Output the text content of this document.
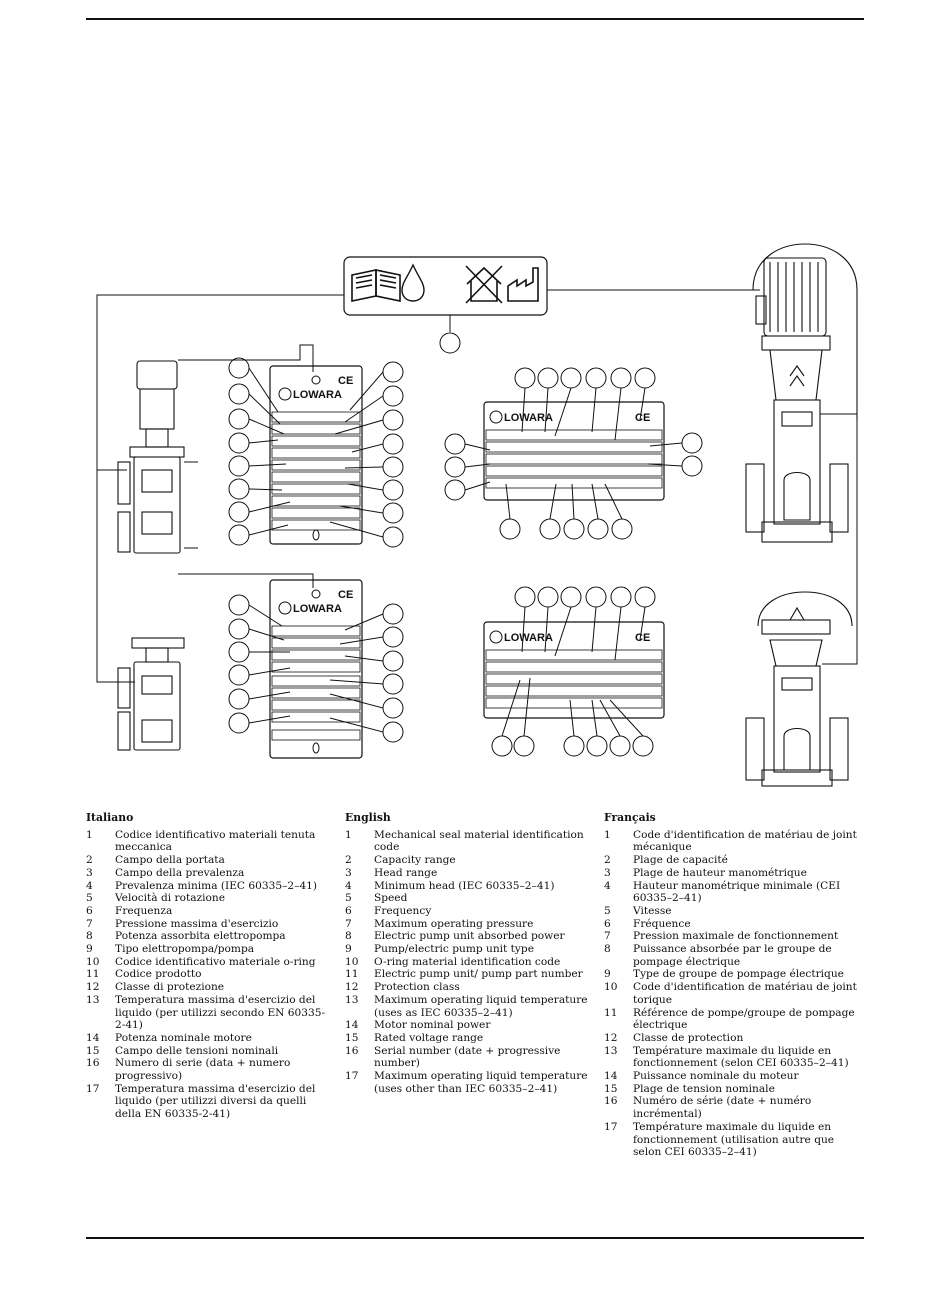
LOWARA
CE
LOWARA
CE
LOWARA	CE
LOWARA	CE
Italiano
1	Codice identificativo materiali tenuta meccanica
2	Campo della portata
3	Campo della prevalenza
4	Prevalenza minima (IEC 60335–2–41)
5	Velocità di rotazione
6	Frequenza
7	Pressione massima d'esercizio
8	Potenza assorbita elettropompa
9	Tipo elettropompa/pompa
10	Codice identificativo materiale o-ring
11	Codice prodotto
12	Classe di protezione
13	Temperatura massima d'esercizio del liquido (per utilizzi secondo EN 60335-2-41)
14	Potenza nominale motore
15	Campo delle tensioni nominali
16	Numero di serie (data + numero progressivo)
17	Temperatura massima d'esercizio del liquido (per utilizzi diversi da quelli della EN 60335-2-41)
English
1	Mechanical seal material identification code
2	Capacity range
3	Head range
4	Minimum head (IEC 60335–2–41)
5	Speed
6	Frequency
7	Maximum operating pressure
8	Electric pump unit absorbed power
9	Pump/electric pump unit type
10	O-ring material identification code
11	Electric pump unit/ pump part number
12	Protection class
13	Maximum operating liquid temperature (uses as IEC 60335–2–41)
14	Motor nominal power
15	Rated voltage range
16	Serial number (date + progressive number)
17	Maximum operating liquid temperature (uses other than IEC 60335–2–41)
Français
1	Code d'identification de matériau de joint mécanique
2	Plage de capacité
3	Plage de hauteur manométrique
4	Hauteur manométrique minimale (CEI 60335–2–41)
5	Vitesse
6	Fréquence
7	Pression maximale de fonctionnement
8	Puissance absorbée par le groupe de pompage électrique
9	Type de groupe de pompage électrique
10	Code d'identification de matériau de joint torique
11	Référence de pompe/groupe de pompage électrique
12	Classe de protection
13	Température maximale du liquide en fonctionnement (selon CEI 60335–2–41)
14	Puissance nominale du moteur
15	Plage de tension nominale
16	Numéro de série (date + numéro incrémental)
17	Température maximale du liquide en fonctionnement (utilisation autre que selon CEI 60335–2–41)
